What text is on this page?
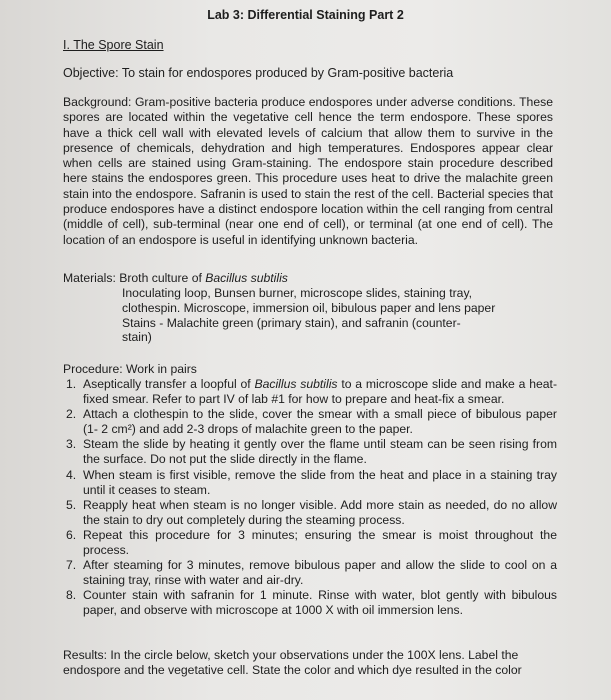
Lab 3: Differential Staining Part 2
I. The Spore Stain
Objective: To stain for endospores produced by Gram-positive bacteria
Background: Gram-positive bacteria produce endospores under adverse conditions. These spores are located within the vegetative cell hence the term endospore. These spores have a thick cell wall with elevated levels of calcium that allow them to survive in the presence of chemicals, dehydration and high temperatures. Endospores appear clear when cells are stained using Gram-staining. The endospore stain procedure described here stains the endospores green. This procedure uses heat to drive the malachite green stain into the endospore. Safranin is used to stain the rest of the cell. Bacterial species that produce endospores have a distinct endospore location within the cell ranging from central (middle of cell), sub-terminal (near one end of cell), or terminal (at one end of cell). The location of an endospore is useful in identifying unknown bacteria.
Materials: Broth culture of Bacillus subtilis
Inoculating loop, Bunsen burner, microscope slides, staining tray,
clothespin. Microscope, immersion oil, bibulous paper and lens paper
Stains - Malachite green (primary stain), and safranin (counter-
stain)
Procedure: Work in pairs
1. Aseptically transfer a loopful of Bacillus subtilis to a microscope slide and make a heat-fixed smear. Refer to part IV of lab #1 for how to prepare and heat-fix a smear.
2. Attach a clothespin to the slide, cover the smear with a small piece of bibulous paper (1- 2 cm²) and add 2-3 drops of malachite green to the paper.
3. Steam the slide by heating it gently over the flame until steam can be seen rising from the surface. Do not put the slide directly in the flame.
4. When steam is first visible, remove the slide from the heat and place in a staining tray until it ceases to steam.
5. Reapply heat when steam is no longer visible. Add more stain as needed, do no allow the stain to dry out completely during the steaming process.
6. Repeat this procedure for 3 minutes; ensuring the smear is moist throughout the process.
7. After steaming for 3 minutes, remove bibulous paper and allow the slide to cool on a staining tray, rinse with water and air-dry.
8. Counter stain with safranin for 1 minute. Rinse with water, blot gently with bibulous paper, and observe with microscope at 1000 X with oil immersion lens.
Results: In the circle below, sketch your observations under the 100X lens. Label the endospore and the vegetative cell. State the color and which dye resulted in the color
